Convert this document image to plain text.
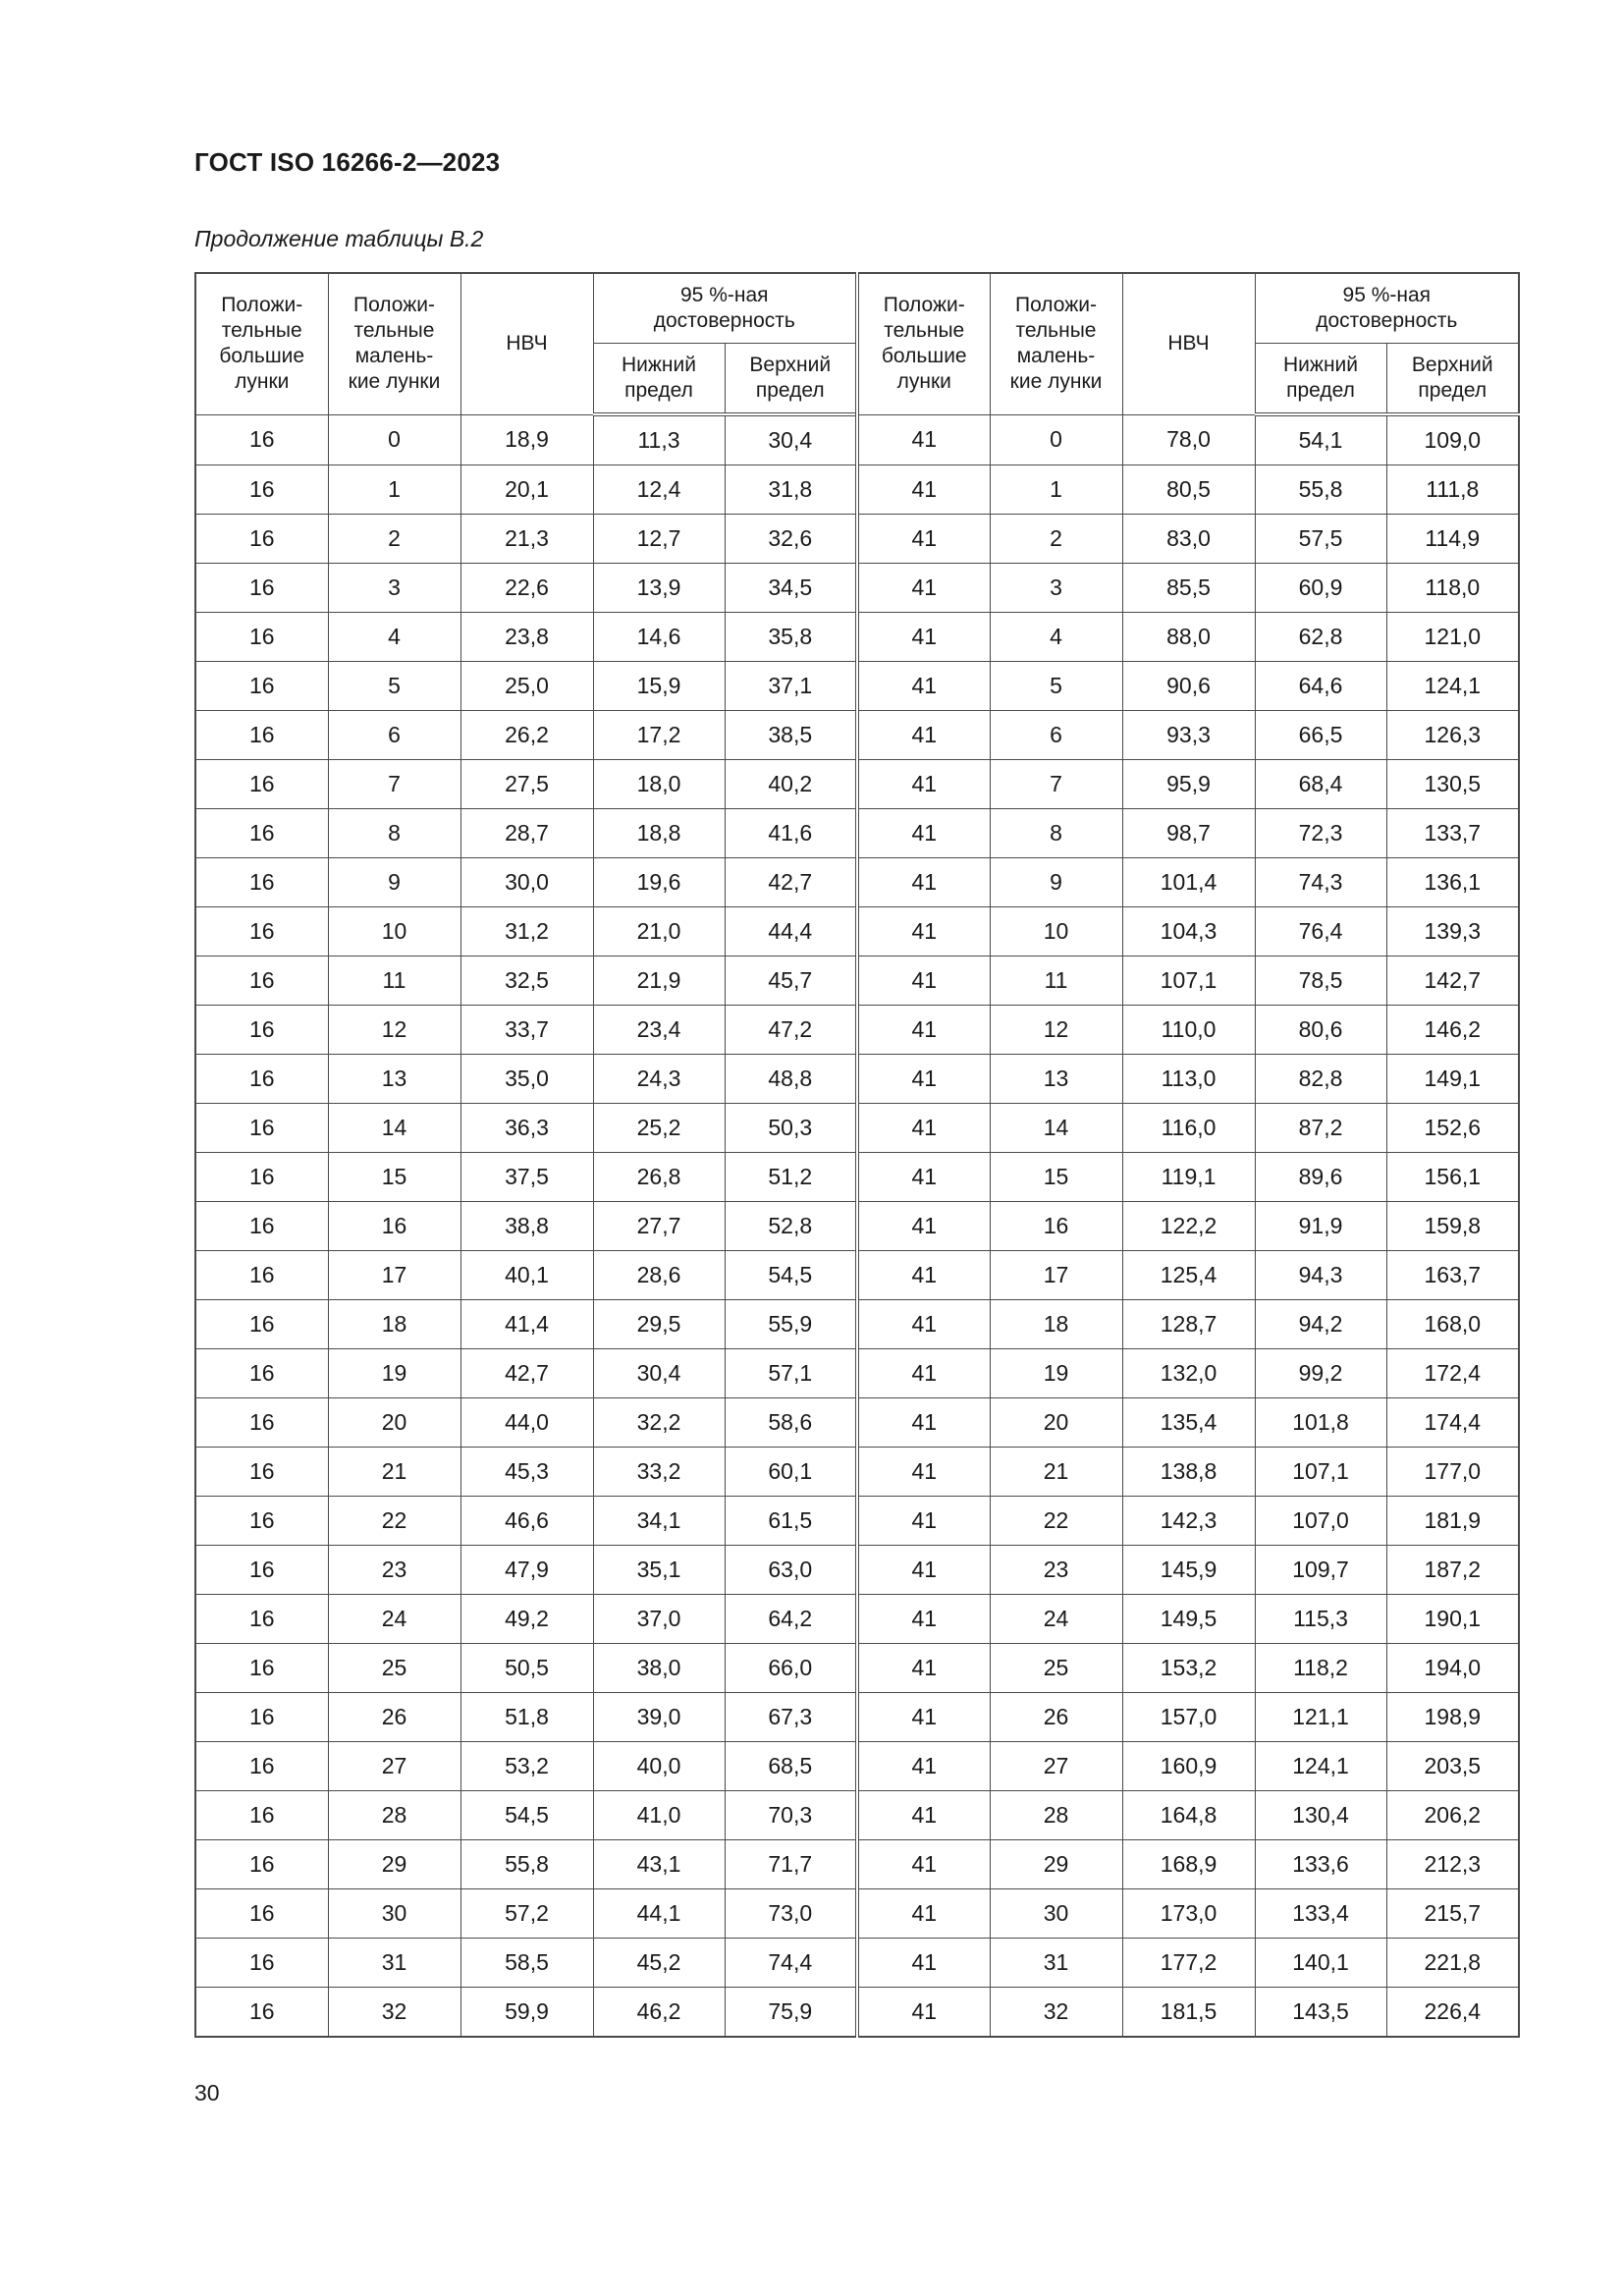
ГОСТ ISO 16266-2—2023
Продолжение таблицы В.2
Положи-
тельные
большие
лунки	Положи-
тельные
малень-
кие лунки	НВЧ	95 %-ная
достоверность		Положи-
тельные
большие
лунки	Положи-
тельные
малень-
кие лунки	НВЧ	95 %-ная
достоверность	
			Нижний
предел	Верхний
предел				Нижний
предел	Верхний
предел
16	0	18,9	11,3	30,4	41	0	78,0	54,1	109,0
16	1	20,1	12,4	31,8	41	1	80,5	55,8	111,8
16	2	21,3	12,7	32,6	41	2	83,0	57,5	114,9
16	3	22,6	13,9	34,5	41	3	85,5	60,9	118,0
16	4	23,8	14,6	35,8	41	4	88,0	62,8	121,0
16	5	25,0	15,9	37,1	41	5	90,6	64,6	124,1
16	6	26,2	17,2	38,5	41	6	93,3	66,5	126,3
16	7	27,5	18,0	40,2	41	7	95,9	68,4	130,5
16	8	28,7	18,8	41,6	41	8	98,7	72,3	133,7
16	9	30,0	19,6	42,7	41	9	101,4	74,3	136,1
16	10	31,2	21,0	44,4	41	10	104,3	76,4	139,3
16	11	32,5	21,9	45,7	41	11	107,1	78,5	142,7
16	12	33,7	23,4	47,2	41	12	110,0	80,6	146,2
16	13	35,0	24,3	48,8	41	13	113,0	82,8	149,1
16	14	36,3	25,2	50,3	41	14	116,0	87,2	152,6
16	15	37,5	26,8	51,2	41	15	119,1	89,6	156,1
16	16	38,8	27,7	52,8	41	16	122,2	91,9	159,8
16	17	40,1	28,6	54,5	41	17	125,4	94,3	163,7
16	18	41,4	29,5	55,9	41	18	128,7	94,2	168,0
16	19	42,7	30,4	57,1	41	19	132,0	99,2	172,4
16	20	44,0	32,2	58,6	41	20	135,4	101,8	174,4
16	21	45,3	33,2	60,1	41	21	138,8	107,1	177,0
16	22	46,6	34,1	61,5	41	22	142,3	107,0	181,9
16	23	47,9	35,1	63,0	41	23	145,9	109,7	187,2
16	24	49,2	37,0	64,2	41	24	149,5	115,3	190,1
16	25	50,5	38,0	66,0	41	25	153,2	118,2	194,0
16	26	51,8	39,0	67,3	41	26	157,0	121,1	198,9
16	27	53,2	40,0	68,5	41	27	160,9	124,1	203,5
16	28	54,5	41,0	70,3	41	28	164,8	130,4	206,2
16	29	55,8	43,1	71,7	41	29	168,9	133,6	212,3
16	30	57,2	44,1	73,0	41	30	173,0	133,4	215,7
16	31	58,5	45,2	74,4	41	31	177,2	140,1	221,8
16	32	59,9	46,2	75,9	41	32	181,5	143,5	226,4
30
